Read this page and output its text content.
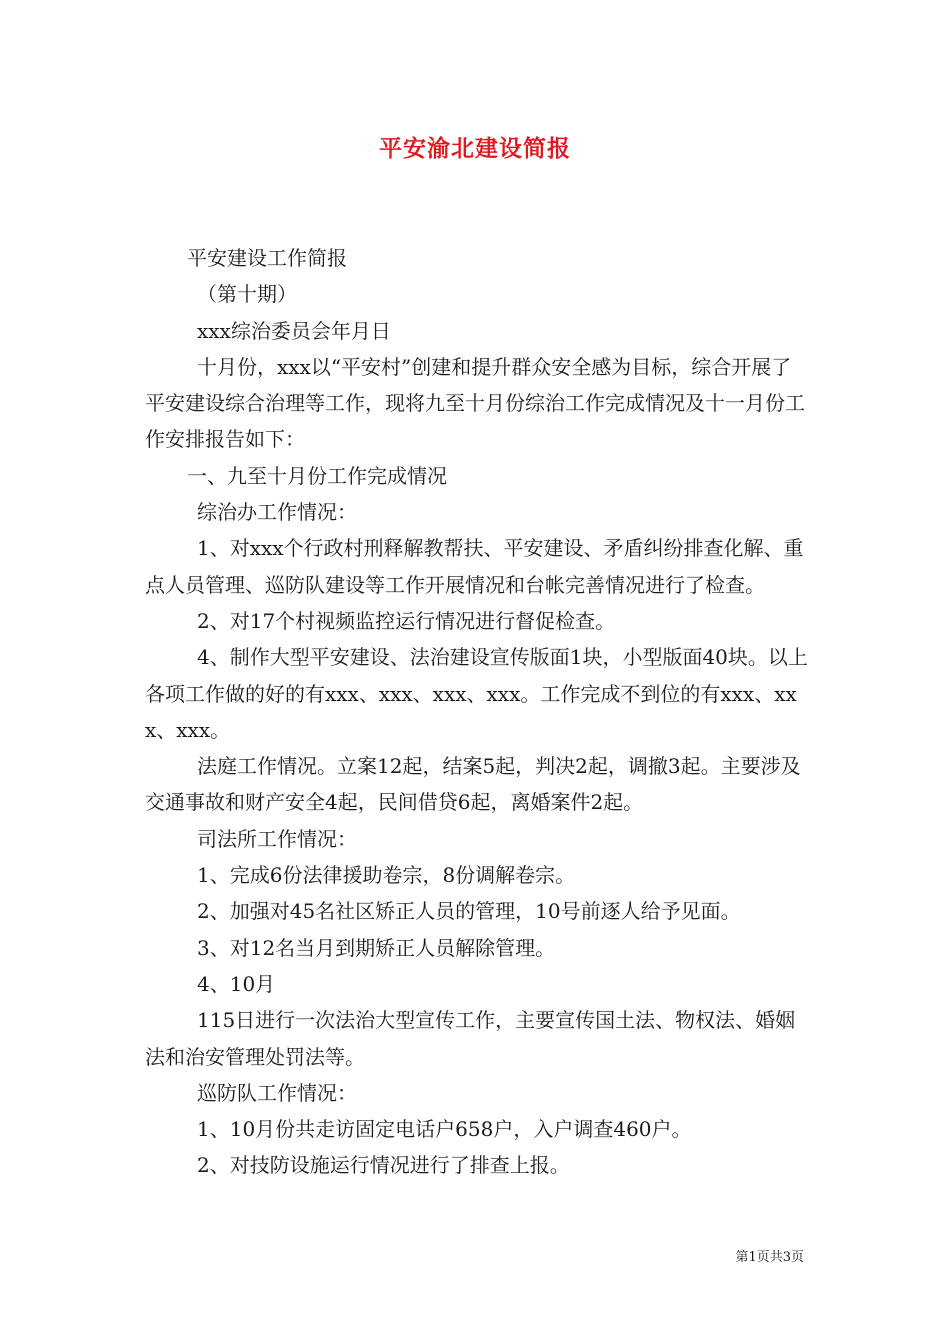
平安渝北建设简报

平安建设工作简报

（第十期）

xxx综治委员会年月日

十月份，xxx以“平安村”创建和提升群众安全感为目标，综合开展了平安建设综合治理等工作，现将九至十月份综治工作完成情况及十一月份工作安排报告如下：

一、九至十月份工作完成情况

综治办工作情况：

1、对xxx个行政村刑释解教帮扶、平安建设、矛盾纠纷排查化解、重点人员管理、巡防队建设等工作开展情况和台帐完善情况进行了检查。

2、对17个村视频监控运行情况进行督促检查。

4、制作大型平安建设、法治建设宣传版面1块，小型版面40块。以上各项工作做的好的有xxx、xxx、xxx、xxx。工作完成不到位的有xxx、xxx、xxx。

法庭工作情况。立案12起，结案5起，判决2起，调撤3起。主要涉及交通事故和财产安全4起，民间借贷6起，离婚案件2起。

司法所工作情况：

1、完成6份法律援助卷宗，8份调解卷宗。

2、加强对45名社区矫正人员的管理，10号前逐人给予见面。

3、对12名当月到期矫正人员解除管理。

4、10月

115日进行一次法治大型宣传工作，主要宣传国土法、物权法、婚姻法和治安管理处罚法等。

巡防队工作情况：

1、10月份共走访固定电话户658户，入户调查460户。

2、对技防设施运行情况进行了排查上报。

第1页共3页
